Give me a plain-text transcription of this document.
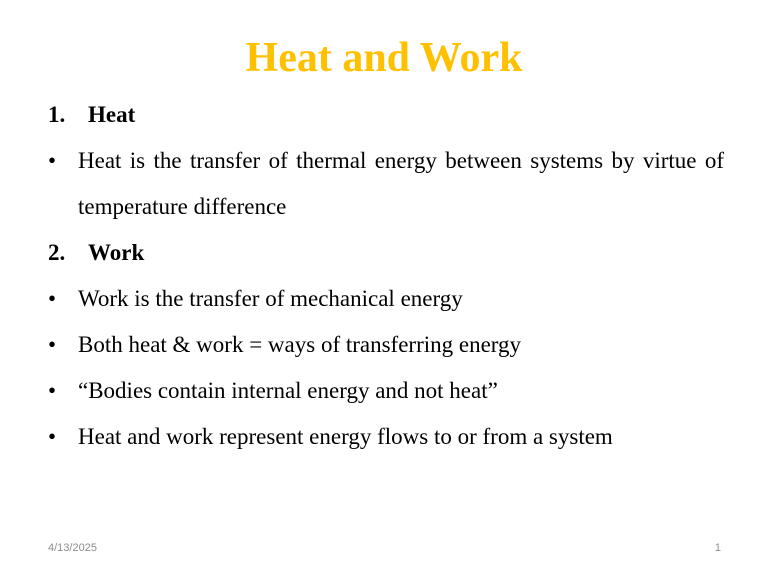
Heat and Work
1. Heat
• Heat is the transfer of thermal energy between systems by virtue of temperature difference
2. Work
• Work is the transfer of mechanical energy
• Both heat & work = ways of transferring energy
• “Bodies contain internal energy and not heat”
• Heat and work represent energy flows to or from a system
4/13/2025	1
